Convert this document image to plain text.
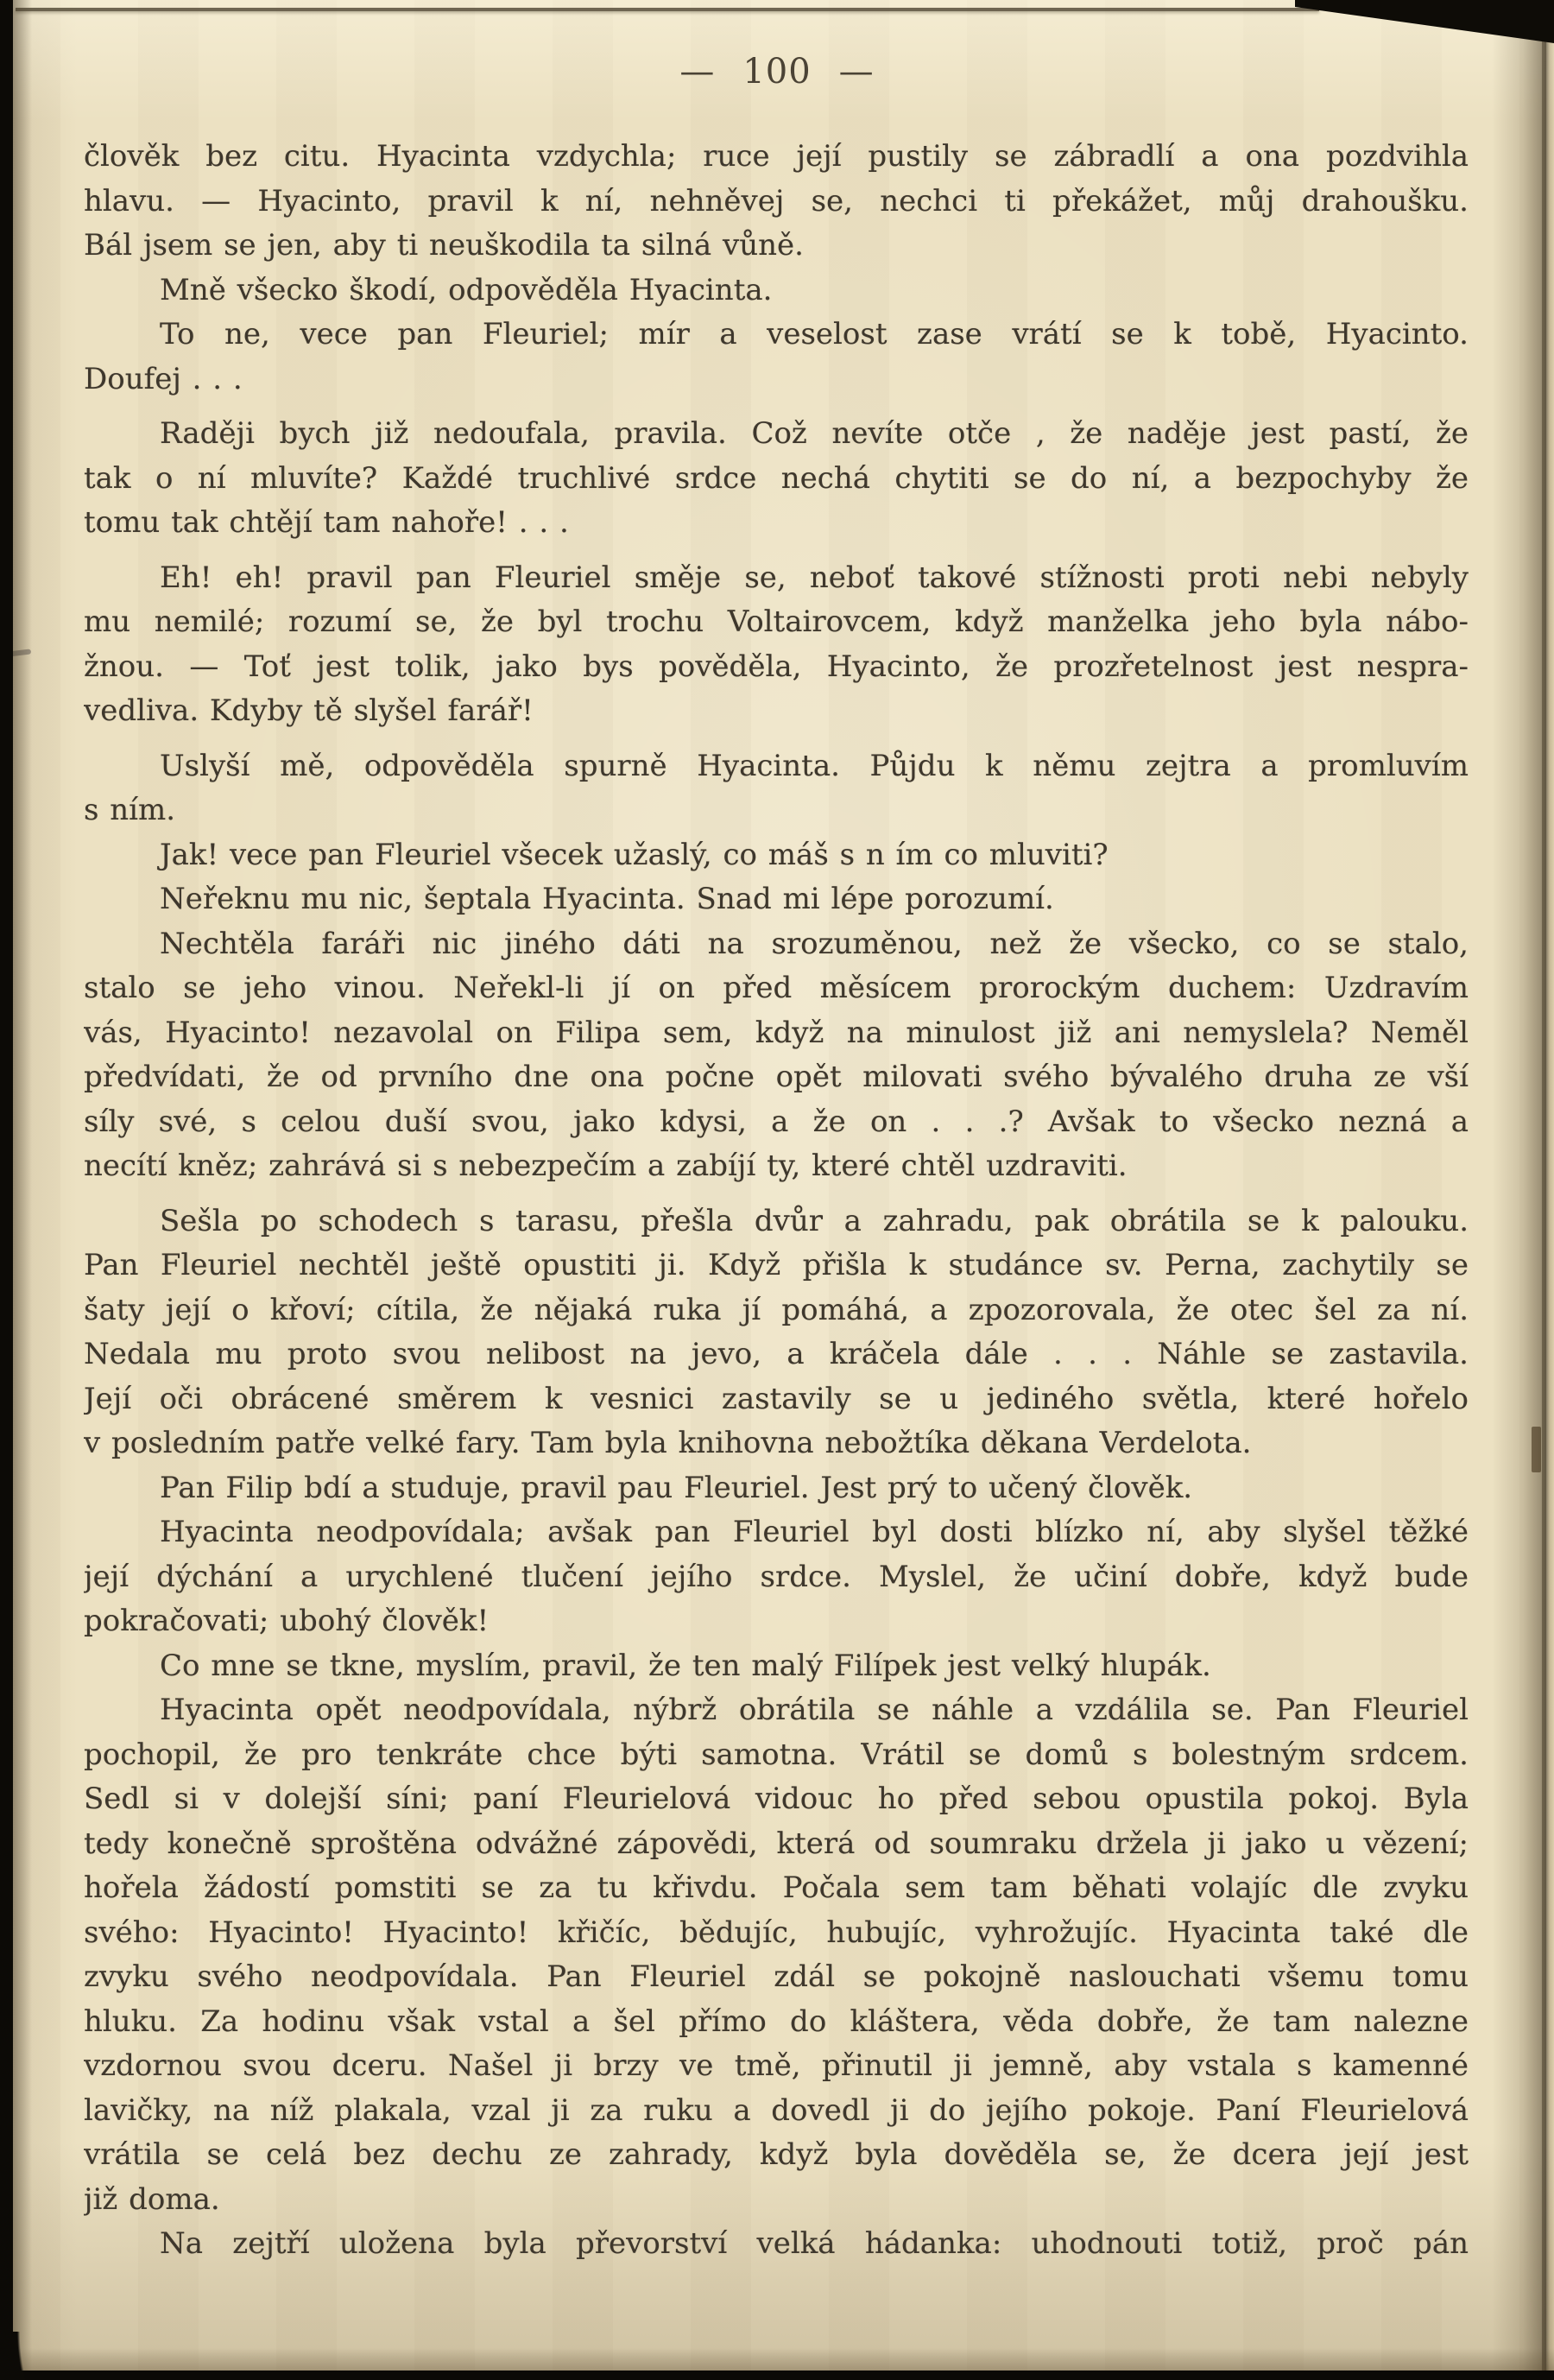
— 100 —
člověk bez citu. Hyacinta vzdychla; ruce její pustily se zábradlí a ona pozdvihla
hlavu. — Hyacinto, pravil k ní, nehněvej se, nechci ti překážet, můj drahoušku.
Bál jsem se jen, aby ti neuškodila ta silná vůně.
Mně všecko škodí, odpověděla Hyacinta.
To ne, vece pan Fleuriel; mír a veselost zase vrátí se k tobě, Hyacinto.
Doufej . . .
Raději bych již nedoufala, pravila. Což nevíte otče , že naděje jest pastí, že
tak o ní mluvíte? Každé truchlivé srdce nechá chytiti se do ní, a bezpochyby že
tomu tak chtějí tam nahoře! . . .
Eh! eh! pravil pan Fleuriel směje se, neboť takové stížnosti proti nebi nebyly
mu nemilé; rozumí se, že byl trochu Voltairovcem, když manželka jeho byla nábo-
žnou. — Toť jest tolik, jako bys pověděla, Hyacinto, že prozřetelnost jest nespra-
vedliva. Kdyby tě slyšel farář!
Uslyší mě, odpověděla spurně Hyacinta. Půjdu k němu zejtra a promluvím
s ním.
Jak! vece pan Fleuriel všecek užaslý, co máš s n ím co mluviti?
Neřeknu mu nic, šeptala Hyacinta. Snad mi lépe porozumí.
Nechtěla faráři nic jiného dáti na srozuměnou, než že všecko, co se stalo,
stalo se jeho vinou. Neřekl-li jí on před měsícem prorockým duchem: Uzdravím
vás, Hyacinto! nezavolal on Filipa sem, když na minulost již ani nemyslela? Neměl
předvídati, že od prvního dne ona počne opět milovati svého bývalého druha ze vší
síly své, s celou duší svou, jako kdysi, a že on . . .? Avšak to všecko nezná a
necítí kněz; zahrává si s nebezpečím a zabíjí ty, které chtěl uzdraviti.
Sešla po schodech s tarasu, přešla dvůr a zahradu, pak obrátila se k palouku.
Pan Fleuriel nechtěl ještě opustiti ji. Když přišla k studánce sv. Perna, zachytily se
šaty její o křoví; cítila, že nějaká ruka jí pomáhá, a zpozorovala, že otec šel za ní.
Nedala mu proto svou nelibost na jevo, a kráčela dále . . . Náhle se zastavila.
Její oči obrácené směrem k vesnici zastavily se u jediného světla, které hořelo
v posledním patře velké fary. Tam byla knihovna nebožtíka děkana Verdelota.
Pan Filip bdí a studuje, pravil pau Fleuriel. Jest prý to učený člověk.
Hyacinta neodpovídala; avšak pan Fleuriel byl dosti blízko ní, aby slyšel těžké
její dýchání a urychlené tlučení jejího srdce. Myslel, že učiní dobře, když bude
pokračovati; ubohý člověk!
Co mne se tkne, myslím, pravil, že ten malý Filípek jest velký hlupák.
Hyacinta opět neodpovídala, nýbrž obrátila se náhle a vzdálila se. Pan Fleuriel
pochopil, že pro tenkráte chce býti samotna. Vrátil se domů s bolestným srdcem.
Sedl si v dolejší síni; paní Fleurielová vidouc ho před sebou opustila pokoj. Byla
tedy konečně sproštěna odvážné zápovědi, která od soumraku držela ji jako u vězení;
hořela žádostí pomstiti se za tu křivdu. Počala sem tam běhati volajíc dle zvyku
svého: Hyacinto! Hyacinto! křičíc, bědujíc, hubujíc, vyhrožujíc. Hyacinta také dle
zvyku svého neodpovídala. Pan Fleuriel zdál se pokojně naslouchati všemu tomu
hluku. Za hodinu však vstal a šel přímo do kláštera, věda dobře, že tam nalezne
vzdornou svou dceru. Našel ji brzy ve tmě, přinutil ji jemně, aby vstala s kamenné
lavičky, na níž plakala, vzal ji za ruku a dovedl ji do jejího pokoje. Paní Fleurielová
vrátila se celá bez dechu ze zahrady, když byla dověděla se, že dcera její jest
již doma.
Na zejtří uložena byla převorství velká hádanka: uhodnouti totiž, proč pán
